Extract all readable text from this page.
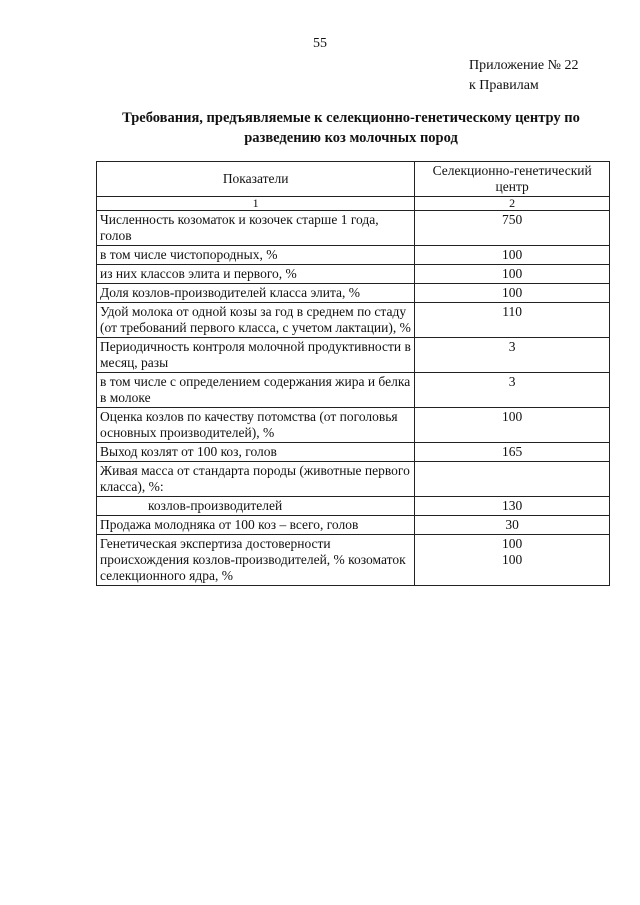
55
Приложение № 22
к Правилам
Требования, предъявляемые к селекционно-генетическому центру по разведению коз молочных пород
Показатели	Селекционно-генетический центр
1	2
Численность козоматок и козочек старше 1 года, голов	750

в том числе чистопородных, %	100

из них классов элита и первого, %	100

Доля козлов-производителей класса элита, %	100

Удой молока от одной козы за год в среднем по стаду (от требований первого класса, с учетом лактации), %	110

Периодичность контроля молочной продуктивности в месяц, разы	3

в том числе с определением содержания жира и белка в молоке	3

Оценка козлов по качеству потомства (от поголовья основных производителей), %	100

Выход козлят от 100 коз, голов	165

Живая масса от стандарта породы (животные первого класса), %:	
козлов-производителей	130

Продажа молодняка от 100 коз – всего, голов	30

Генетическая экспертиза достоверности происхождения козлов-производителей, % козоматок селекционного ядра, %	100
100
